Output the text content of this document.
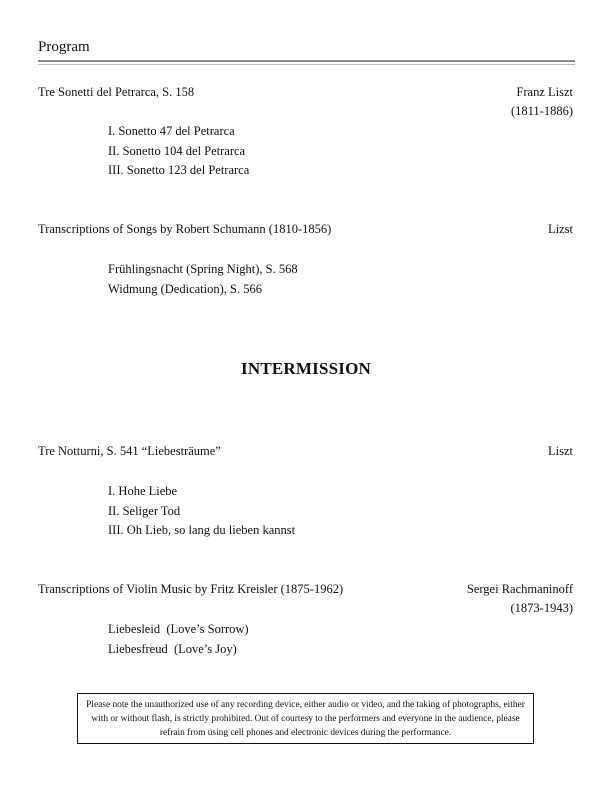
Program
Tre Sonetti del Petrarca, S. 158	Franz Liszt
(1811-1886)
I. Sonetto 47 del Petrarca
II. Sonetto 104 del Petrarca
III. Sonetto 123 del Petrarca
Transcriptions of Songs by Robert Schumann (1810-1856)	Lizst
Frühlingsnacht (Spring Night), S. 568
Widmung (Dedication), S. 566
INTERMISSION
Tre Notturni, S. 541 “Liebesträume”	Liszt
I. Hohe Liebe
II. Seliger Tod
III. Oh Lieb, so lang du lieben kannst
Transcriptions of Violin Music by Fritz Kreisler (1875-1962)	Sergei Rachmaninoff
(1873-1943)
Liebesleid  (Love’s Sorrow)
Liebesfreud  (Love’s Joy)
Please note the unauthorized use of any recording device, either audio or video, and the taking of photographs, either with or without flash, is strictly prohibited. Out of courtesy to the performers and everyone in the audience, please refrain from using cell phones and electronic devices during the performance.
